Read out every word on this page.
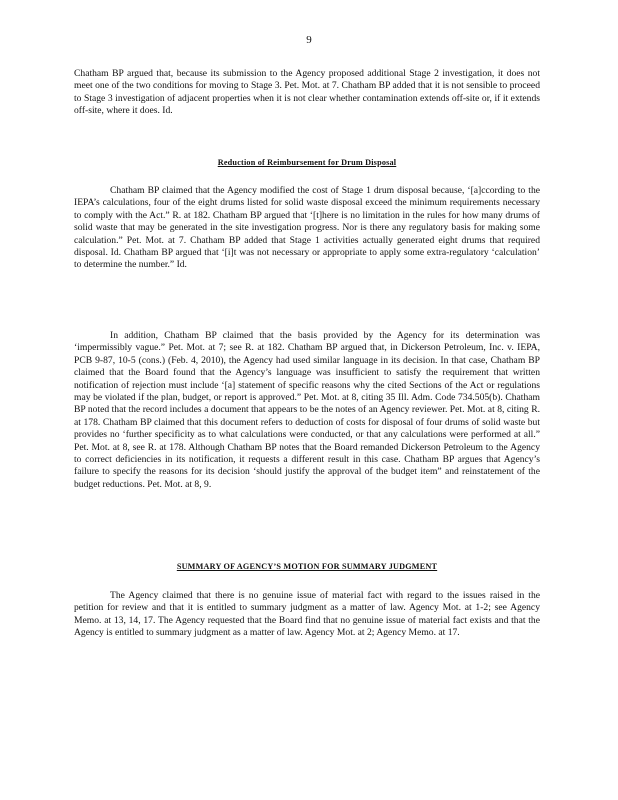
9

Chatham BP argued that, because its submission to the Agency proposed additional Stage 2 investigation, it does not meet one of the two conditions for moving to Stage 3. Pet. Mot. at 7. Chatham BP added that it is not sensible to proceed to Stage 3 investigation of adjacent properties when it is not clear whether contamination extends off-site or, if it extends off-site, where it does. Id.

Reduction of Reimbursement for Drum Disposal

Chatham BP claimed that the Agency modified the cost of Stage 1 drum disposal because, ‘[a]ccording to the IEPA’s calculations, four of the eight drums listed for solid waste disposal exceed the minimum requirements necessary to comply with the Act.” R. at 182. Chatham BP argued that ‘[t]here is no limitation in the rules for how many drums of solid waste that may be generated in the site investigation progress. Nor is there any regulatory basis for making some calculation.” Pet. Mot. at 7. Chatham BP added that Stage 1 activities actually generated eight drums that required disposal. Id. Chatham BP argued that ‘[i]t was not necessary or appropriate to apply some extra-regulatory ‘calculation’ to determine the number.” Id.

In addition, Chatham BP claimed that the basis provided by the Agency for its determination was ‘impermissibly vague.” Pet. Mot. at 7; see R. at 182. Chatham BP argued that, in Dickerson Petroleum, Inc. v. IEPA, PCB 9-87, 10-5 (cons.) (Feb. 4, 2010), the Agency had used similar language in its decision. In that case, Chatham BP claimed that the Board found that the Agency’s language was insufficient to satisfy the requirement that written notification of rejection must include ‘[a] statement of specific reasons why the cited Sections of the Act or regulations may be violated if the plan, budget, or report is approved.” Pet. Mot. at 8, citing 35 Ill. Adm. Code 734.505(b). Chatham BP noted that the record includes a document that appears to be the notes of an Agency reviewer. Pet. Mot. at 8, citing R. at 178. Chatham BP claimed that this document refers to deduction of costs for disposal of four drums of solid waste but provides no ‘further specificity as to what calculations were conducted, or that any calculations were performed at all.” Pet. Mot. at 8, see R. at 178. Although Chatham BP notes that the Board remanded Dickerson Petroleum to the Agency to correct deficiencies in its notification, it requests a different result in this case. Chatham BP argues that Agency’s failure to specify the reasons for its decision ‘should justify the approval of the budget item” and reinstatement of the budget reductions. Pet. Mot. at 8, 9.

SUMMARY OF AGENCY’S MOTION FOR SUMMARY JUDGMENT

The Agency claimed that there is no genuine issue of material fact with regard to the issues raised in the petition for review and that it is entitled to summary judgment as a matter of law. Agency Mot. at 1-2; see Agency Memo. at 13, 14, 17. The Agency requested that the Board find that no genuine issue of material fact exists and that the Agency is entitled to summary judgment as a matter of law. Agency Mot. at 2; Agency Memo. at 17.
